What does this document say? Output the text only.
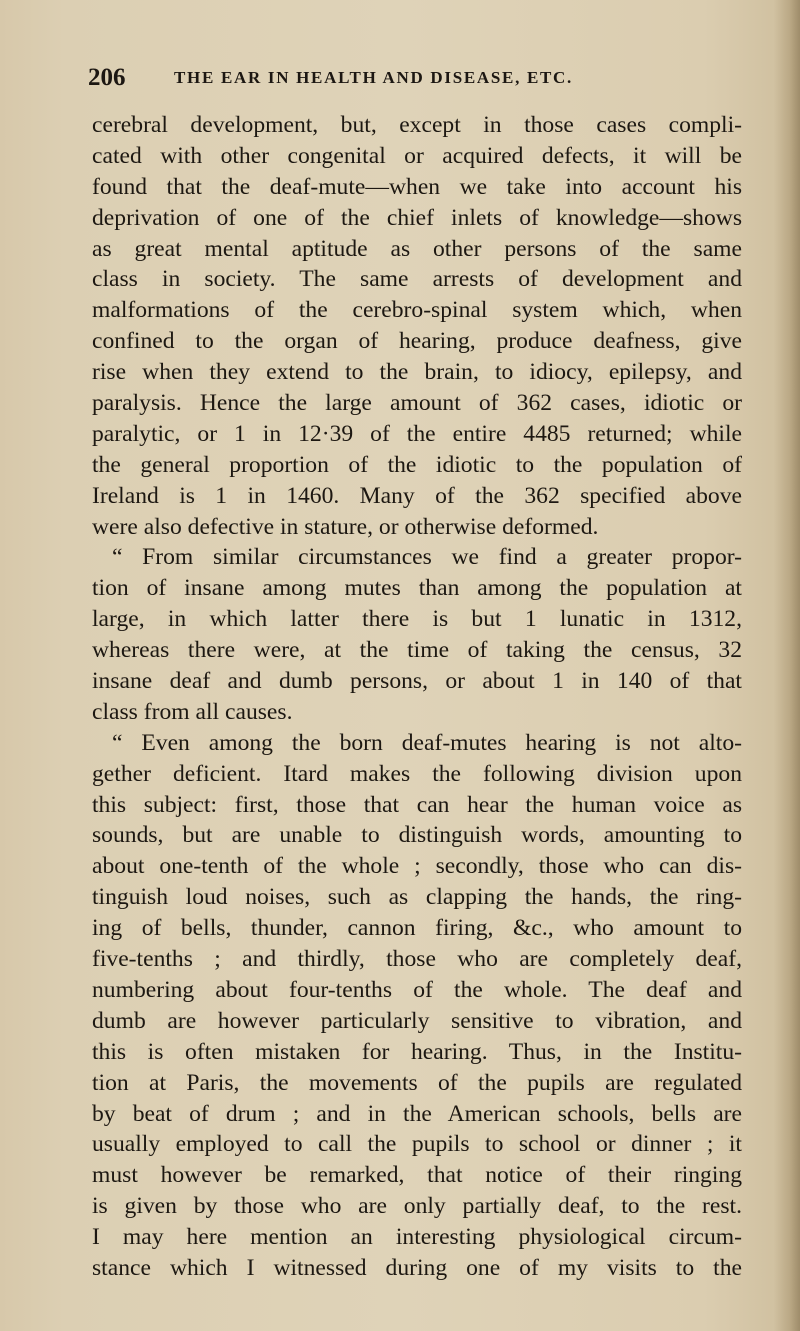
206	THE EAR IN HEALTH AND DISEASE, ETC.
cerebral development, but, except in those cases compli-
cated with other congenital or acquired defects, it will be
found that the deaf-mute—when we take into account his
deprivation of one of the chief inlets of knowledge—shows
as great mental aptitude as other persons of the same
class in society. The same arrests of development and
malformations of the cerebro-spinal system which, when
confined to the organ of hearing, produce deafness, give
rise when they extend to the brain, to idiocy, epilepsy, and
paralysis. Hence the large amount of 362 cases, idiotic or
paralytic, or 1 in 12·39 of the entire 4485 returned; while
the general proportion of the idiotic to the population of
Ireland is 1 in 1460. Many of the 362 specified above
were also defective in stature, or otherwise deformed.
“ From similar circumstances we find a greater propor-
tion of insane among mutes than among the population at
large, in which latter there is but 1 lunatic in 1312,
whereas there were, at the time of taking the census, 32
insane deaf and dumb persons, or about 1 in 140 of that
class from all causes.
“ Even among the born deaf-mutes hearing is not alto-
gether deficient. Itard makes the following division upon
this subject: first, those that can hear the human voice as
sounds, but are unable to distinguish words, amounting to
about one-tenth of the whole ; secondly, those who can dis-
tinguish loud noises, such as clapping the hands, the ring-
ing of bells, thunder, cannon firing, &c., who amount to
five-tenths ; and thirdly, those who are completely deaf,
numbering about four-tenths of the whole. The deaf and
dumb are however particularly sensitive to vibration, and
this is often mistaken for hearing. Thus, in the Institu-
tion at Paris, the movements of the pupils are regulated
by beat of drum ; and in the American schools, bells are
usually employed to call the pupils to school or dinner ; it
must however be remarked, that notice of their ringing
is given by those who are only partially deaf, to the rest.
I may here mention an interesting physiological circum-
stance which I witnessed during one of my visits to the
